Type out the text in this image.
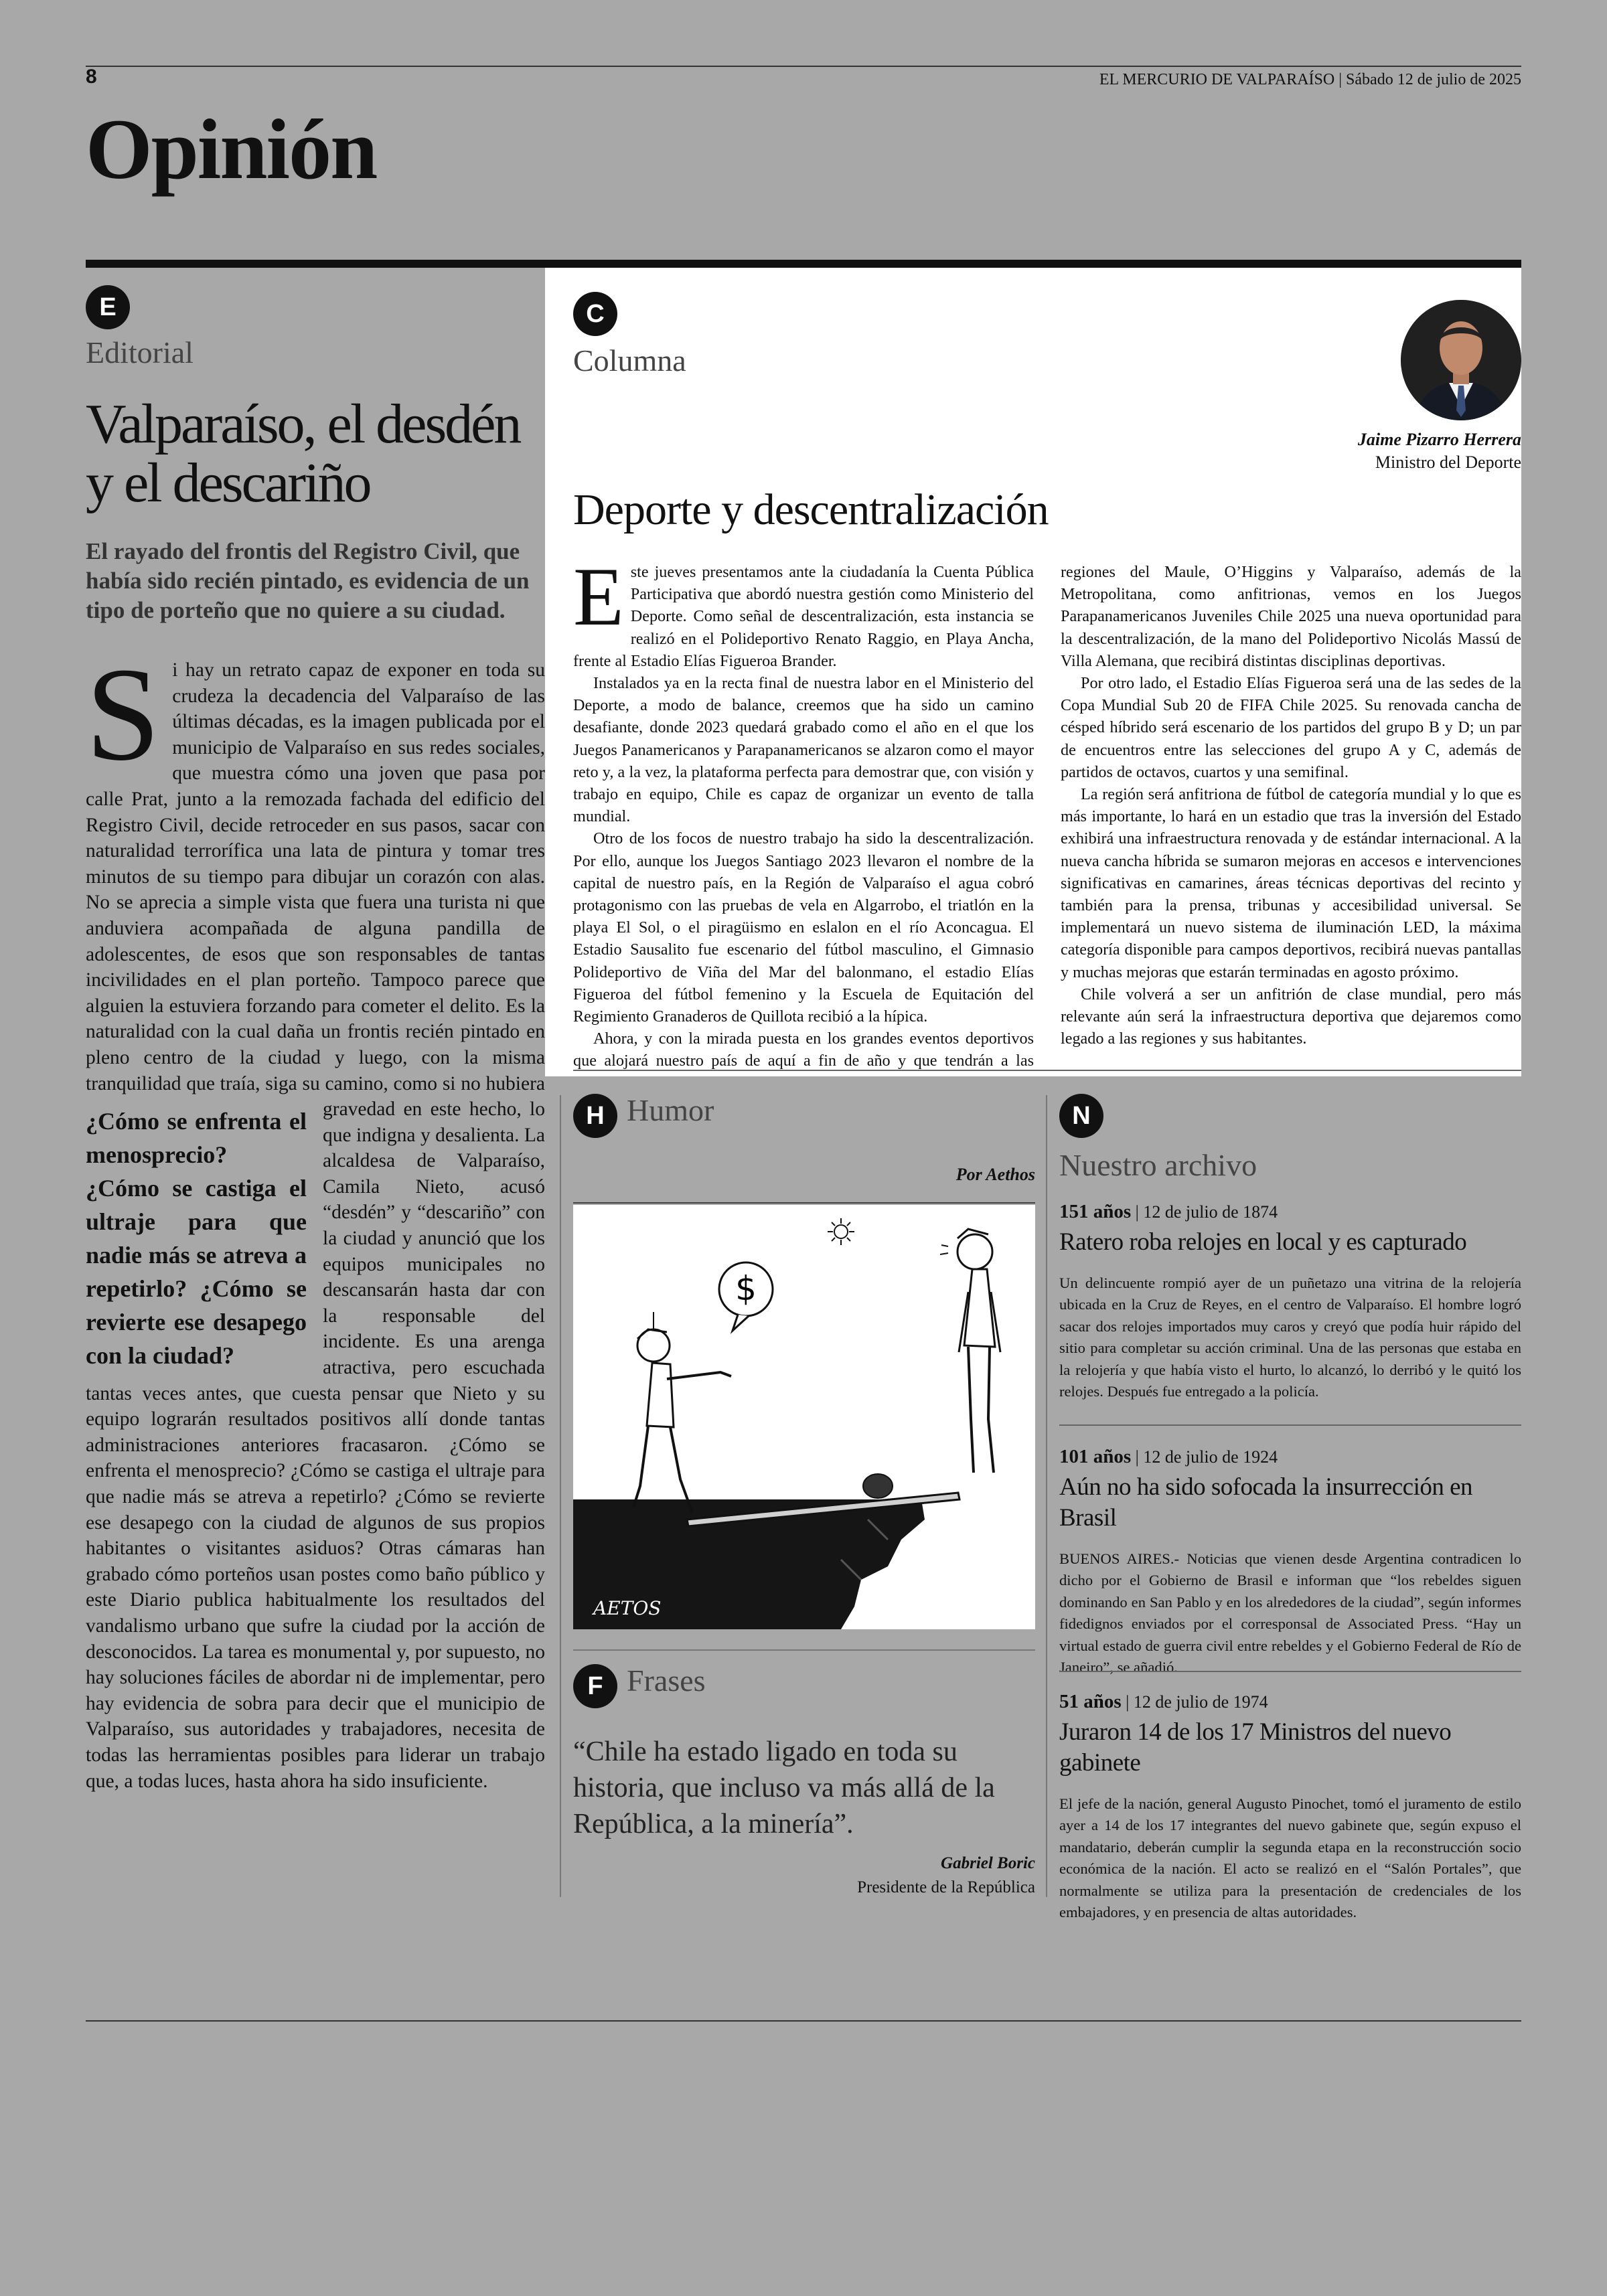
8	EL MERCURIO DE VALPARAÍSO | Sábado 12 de julio de 2025
Opinión
E
Editorial
Valparaíso, el desdén y el descariño
El rayado del frontis del Registro Civil, que había sido recién pintado, es evidencia de un tipo de porteño que no quiere a su ciudad.
Si hay un retrato capaz de exponer en toda su crudeza la decadencia del Valparaíso de las últimas décadas, es la imagen publicada por el municipio de Valparaíso en sus redes sociales, que muestra cómo una joven que pasa por calle Prat, junto a la remozada fachada del edificio del Registro Civil, decide retroceder en sus pasos, sacar con naturalidad terrorífica una lata de pintura y tomar tres minutos de su tiempo para dibujar un corazón con alas. No se aprecia a simple vista que fuera una turista ni que anduviera acompañada de alguna pandilla de adolescentes, de esos que son responsables de tantas incivilidades en el plan porteño. Tampoco parece que alguien la estuviera forzando para cometer el delito. Es la naturalidad con la cual daña un frontis recién pintado en pleno centro de la ciudad y luego, con la misma tranquilidad que traía, siga su camino, como si no hubiera
¿Cómo se enfrenta el menosprecio? ¿Cómo se castiga el ultraje para que nadie más se atreva a repetirlo? ¿Cómo se revierte ese desapego con la ciudad?
gravedad en este hecho, lo que indigna y desalienta. La alcaldesa de Valparaíso, Camila Nieto, acusó “desdén” y “descariño” con la ciudad y anunció que los equipos municipales no descansarán hasta dar con la responsable del incidente. Es una arenga atractiva, pero escuchada tantas veces antes, que cuesta pensar que Nieto y su equipo lograrán resultados positivos allí donde tantas administraciones anteriores fracasaron. ¿Cómo se enfrenta el menosprecio? ¿Cómo se castiga el ultraje para que nadie más se atreva a repetirlo? ¿Cómo se revierte ese desapego con la ciudad de algunos de sus propios habitantes o visitantes asiduos? Otras cámaras han grabado cómo porteños usan postes como baño público y este Diario publica habitualmente los resultados del vandalismo urbano que sufre la ciudad por la acción de desconocidos. La tarea es monumental y, por supuesto, no hay soluciones fáciles de abordar ni de implementar, pero hay evidencia de sobra para decir que el municipio de Valparaíso, sus autoridades y trabajadores, necesita de todas las herramientas posibles para liderar un trabajo que, a todas luces, hasta ahora ha sido insuficiente.
C
Columna
Jaime Pizarro Herrera
Ministro del Deporte
Deporte y descentralización

Este jueves presentamos ante la ciudadanía la Cuenta Pública Participativa que abordó nuestra gestión como Ministerio del Deporte. Como señal de descentralización, esta instancia se realizó en el Polideportivo Renato Raggio, en Playa Ancha, frente al Estadio Elías Figueroa Brander.

Instalados ya en la recta final de nuestra labor en el Ministerio del Deporte, a modo de balance, creemos que ha sido un camino desafiante, donde 2023 quedará grabado como el año en el que los Juegos Panamericanos y Parapanamericanos se alzaron como el mayor reto y, a la vez, la plataforma perfecta para demostrar que, con visión y trabajo en equipo, Chile es capaz de organizar un evento de talla mundial.

Otro de los focos de nuestro trabajo ha sido la descentralización. Por ello, aunque los Juegos Santiago 2023 llevaron el nombre de la capital de nuestro país, en la Región de Valparaíso el agua cobró protagonismo con las pruebas de vela en Algarrobo, el triatlón en la playa El Sol, o el piragüismo en eslalon en el río Aconcagua. El Estadio Sausalito fue escenario del fútbol masculino, el Gimnasio Polideportivo de Viña del Mar del balonmano, el estadio Elías Figueroa del fútbol femenino y la Escuela de Equitación del Regimiento Granaderos de Quillota recibió a la hípica.

Ahora, y con la mirada puesta en los grandes eventos deportivos que alojará nuestro país de aquí a fin de año y que tendrán a las regiones del Maule, O’Higgins y Valparaíso, además de la Metropolitana, como anfitrionas, vemos en los Juegos Parapanamericanos Juveniles Chile 2025 una nueva oportunidad para la descentralización, de la mano del Polideportivo Nicolás Massú de Villa Alemana, que recibirá distintas disciplinas deportivas.

Por otro lado, el Estadio Elías Figueroa será una de las sedes de la Copa Mundial Sub 20 de FIFA Chile 2025. Su renovada cancha de césped híbrido será escenario de los partidos del grupo B y D; un par de encuentros entre las selecciones del grupo A y C, además de partidos de octavos, cuartos y una semifinal.

La región será anfitriona de fútbol de categoría mundial y lo que es más importante, lo hará en un estadio que tras la inversión del Estado exhibirá una infraestructura renovada y de estándar internacional. A la nueva cancha híbrida se sumaron mejoras en accesos e intervenciones significativas en camarines, áreas técnicas deportivas del recinto y también para la prensa, tribunas y accesibilidad universal. Se implementará un nuevo sistema de iluminación LED, la máxima categoría disponible para campos deportivos, recibirá nuevas pantallas y muchas mejoras que estarán terminadas en agosto próximo.

Chile volverá a ser un anfitrión de clase mundial, pero más relevante aún será la infraestructura deportiva que dejaremos como legado a las regiones y sus habitantes.

H Humor
Por Aethos
$
AETOS
F Frases
“Chile ha estado ligado en toda su historia, que incluso va más allá de la República, a la minería”.
Gabriel Boric
Presidente de la República
N
Nuestro archivo
151 años | 12 de julio de 1874
Ratero roba relojes en local y es capturado
Un delincuente rompió ayer de un puñetazo una vitrina de la relojería ubicada en la Cruz de Reyes, en el centro de Valparaíso. El hombre logró sacar dos relojes importados muy caros y creyó que podía huir rápido del sitio para completar su acción criminal. Una de las personas que estaba en la relojería y que había visto el hurto, lo alcanzó, lo derribó y le quitó los relojes. Después fue entregado a la policía.
101 años | 12 de julio de 1924
Aún no ha sido sofocada la insurrección en Brasil
BUENOS AIRES.- Noticias que vienen desde Argentina contradicen lo dicho por el Gobierno de Brasil e informan que “los rebeldes siguen dominando en San Pablo y en los alrededores de la ciudad”, según informes fidedignos enviados por el corresponsal de Associated Press. “Hay un virtual estado de guerra civil entre rebeldes y el Gobierno Federal de Río de Janeiro”, se añadió.
51 años | 12 de julio de 1974
Juraron 14 de los 17 Ministros del nuevo gabinete
El jefe de la nación, general Augusto Pinochet, tomó el juramento de estilo ayer a 14 de los 17 integrantes del nuevo gabinete que, según expuso el mandatario, deberán cumplir la segunda etapa en la reconstrucción socio económica de la nación. El acto se realizó en el “Salón Portales”, que normalmente se utiliza para la presentación de credenciales de los embajadores, y en presencia de altas autoridades.
